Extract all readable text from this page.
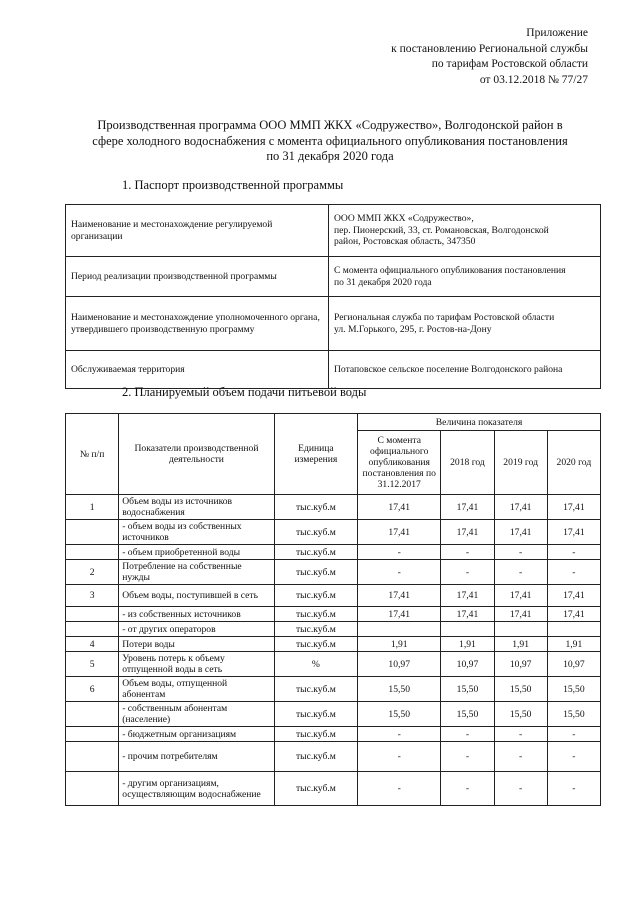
Приложение
к постановлению Региональной службы
по тарифам Ростовской области
от 03.12.2018 № 77/27
Производственная программа ООО ММП ЖКХ «Содружество», Волгодонской район в
сфере холодного водоснабжения с момента официального опубликования постановления
по 31 декабря 2020 года
1. Паспорт производственной программы
Наименование и местонахождение регулируемой организации	ООО ММП ЖКХ «Содружество»,
пер. Пионерский, 33, ст. Романовская, Волгодонской
район, Ростовская область, 347350

Период реализации производственной программы	С момента официального опубликования постановления
по 31 декабря 2020 года

Наименование и местонахождение уполномоченного органа, утвердившего производственную программу	Региональная служба по тарифам Ростовской области
ул. М.Горького, 295, г. Ростов-на-Дону

Обслуживаемая территория	Потаповское сельское поселение Волгодонского района
2. Планируемый объем подачи питьевой воды
№ п/п	Показатели производственной деятельности	Единица измерения	Величина показателя			
			С момента официального опубликования постановления по 31.12.2017	2018 год	2019 год	2020 год
1	Объем воды из источников водоснабжения	тыс.куб.м	17,41	17,41	17,41	17,41
	- объем воды из собственных источников	тыс.куб.м	17,41	17,41	17,41	17,41
	- объем приобретенной воды	тыс.куб.м	-	-	-	-
2	Потребление на собственные нужды	тыс.куб.м	-	-	-	-
3	Объем воды, поступившей в сеть	тыс.куб.м	17,41	17,41	17,41	17,41
	- из собственных источников	тыс.куб.м	17,41	17,41	17,41	17,41
	- от других операторов	тыс.куб.м				
4	Потери воды	тыс.куб.м	1,91	1,91	1,91	1,91
5	Уровень потерь к объему отпущенной воды в сеть	%	10,97	10,97	10,97	10,97
6	Объем воды, отпущенной абонентам	тыс.куб.м	15,50	15,50	15,50	15,50
	- собственным абонентам (население)	тыс.куб.м	15,50	15,50	15,50	15,50
	- бюджетным организациям	тыс.куб.м	-	-	-	-
	- прочим потребителям	тыс.куб.м	-	-	-	-
	- другим организациям, осуществляющим водоснабжение	тыс.куб.м	-	-	-	-
